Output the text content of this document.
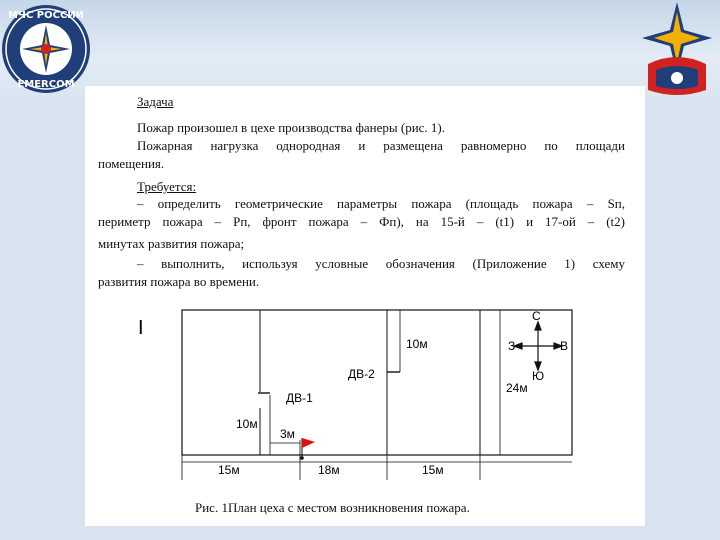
МЧС РОССИИ
EMERCOM
Задача
Пожар произошел в цехе производства фанеры (рис. 1).
Пожарная нагрузка однородная и размещена равномерно по площади
помещения.
Требуется:
– определить геометрические параметры пожара (площадь пожара – Sп,
периметр пожара – Pп, фронт пожара – Фп), на 15-й – (t1) и 17-ой – (t2)
минутах развития пожара;
– выполнить, используя условные обозначения (Приложение 1) схему
развития пожара во времени.
I
ДВ-1
ДВ-2
10м
3м
10м
24м
15м	18м	15м
С
Ю
З	В
Рис. 1План цеха с местом возникновения пожара.
